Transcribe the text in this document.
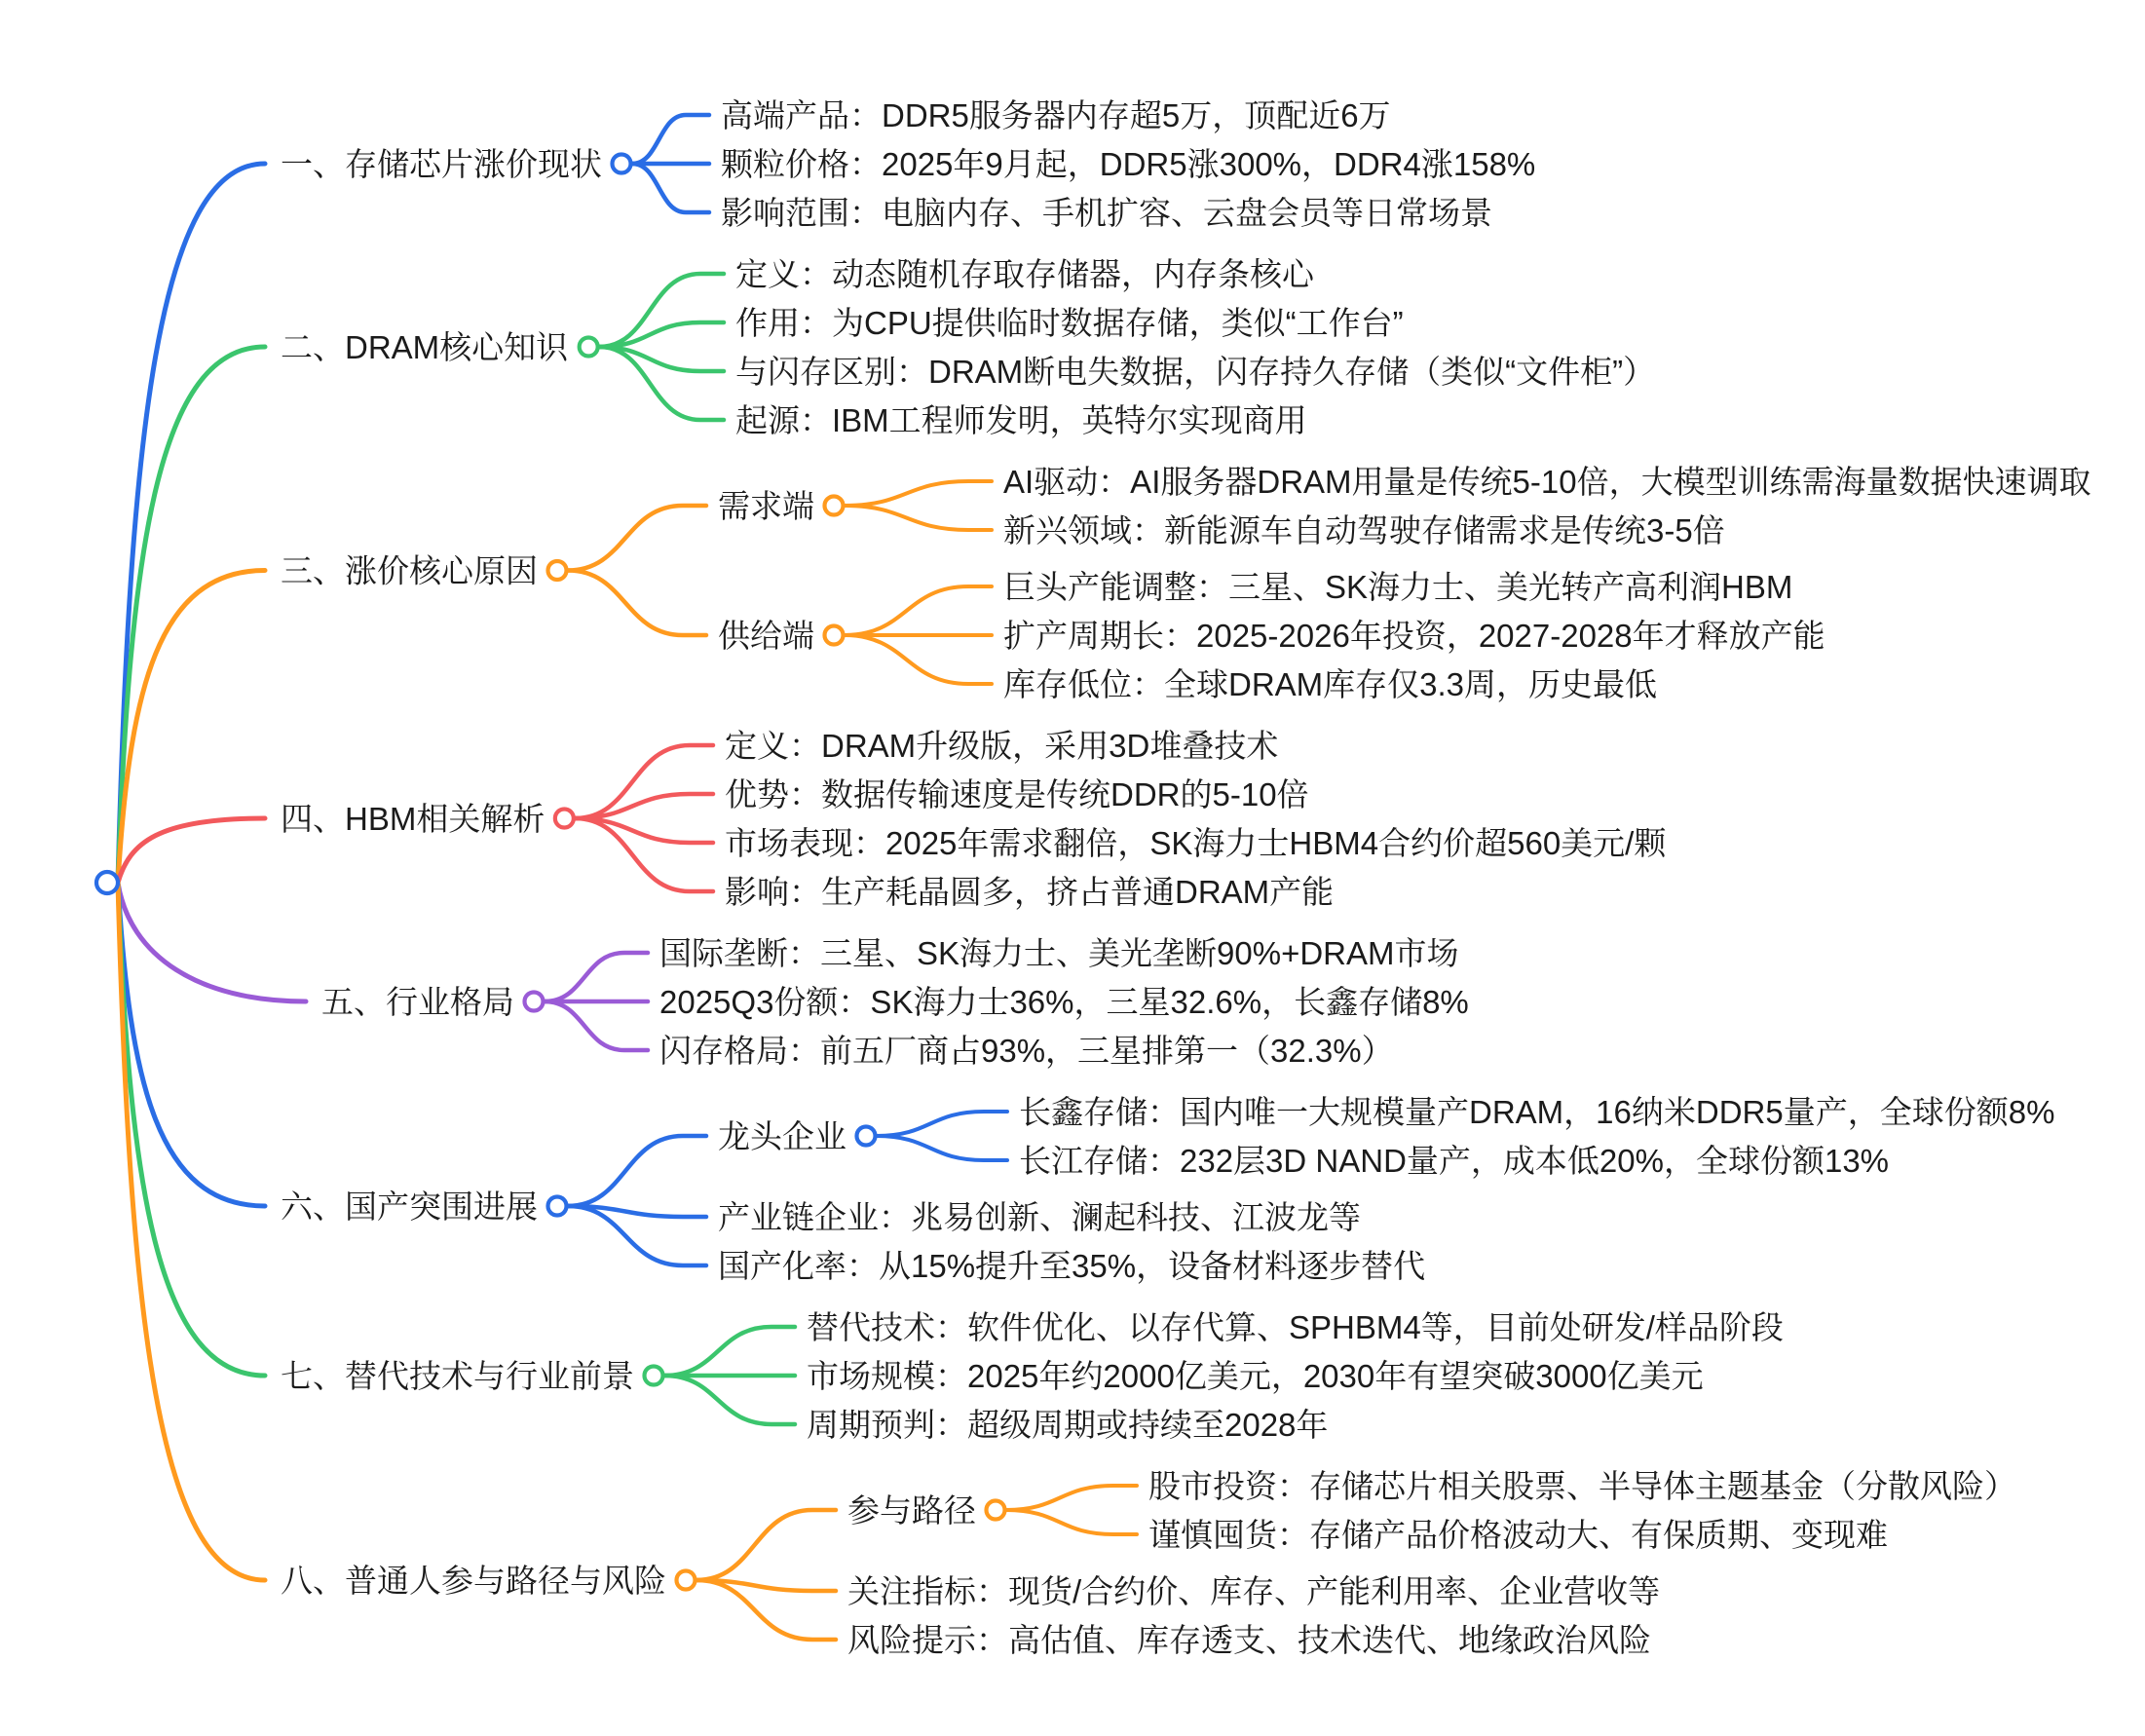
一、存储芯片涨价现状
高端产品：DDR5服务器内存超5万，顶配近6万
颗粒价格：2025年9月起，DDR5涨300%，DDR4涨158%
影响范围：电脑内存、手机扩容、云盘会员等日常场景
二、DRAM核心知识
定义：动态随机存取存储器，内存条核心
作用：为CPU提供临时数据存储，类似“工作台”
与闪存区别：DRAM断电失数据，闪存持久存储（类似“文件柜”）
起源：IBM工程师发明，英特尔实现商用
三、涨价核心原因
需求端
AI驱动：AI服务器DRAM用量是传统5-10倍，大模型训练需海量数据快速调取
新兴领域：新能源车自动驾驶存储需求是传统3-5倍
供给端
巨头产能调整：三星、SK海力士、美光转产高利润HBM
扩产周期长：2025-2026年投资，2027-2028年才释放产能
库存低位：全球DRAM库存仅3.3周，历史最低
四、HBM相关解析
定义：DRAM升级版，采用3D堆叠技术
优势：数据传输速度是传统DDR的5-10倍
市场表现：2025年需求翻倍，SK海力士HBM4合约价超560美元/颗
影响：生产耗晶圆多，挤占普通DRAM产能
五、行业格局
国际垄断：三星、SK海力士、美光垄断90%+DRAM市场
2025Q3份额：SK海力士36%，三星32.6%，长鑫存储8%
闪存格局：前五厂商占93%，三星排第一（32.3%）
六、国产突围进展
龙头企业
长鑫存储：国内唯一大规模量产DRAM，16纳米DDR5量产，全球份额8%
长江存储：232层3D NAND量产，成本低20%，全球份额13%
产业链企业：兆易创新、澜起科技、江波龙等
国产化率：从15%提升至35%，设备材料逐步替代
七、替代技术与行业前景
替代技术：软件优化、以存代算、SPHBM4等，目前处研发/样品阶段
市场规模：2025年约2000亿美元，2030年有望突破3000亿美元
周期预判：超级周期或持续至2028年
八、普通人参与路径与风险
参与路径
股市投资：存储芯片相关股票、半导体主题基金（分散风险）
谨慎囤货：存储产品价格波动大、有保质期、变现难
关注指标：现货/合约价、库存、产能利用率、企业营收等
风险提示：高估值、库存透支、技术迭代、地缘政治风险
